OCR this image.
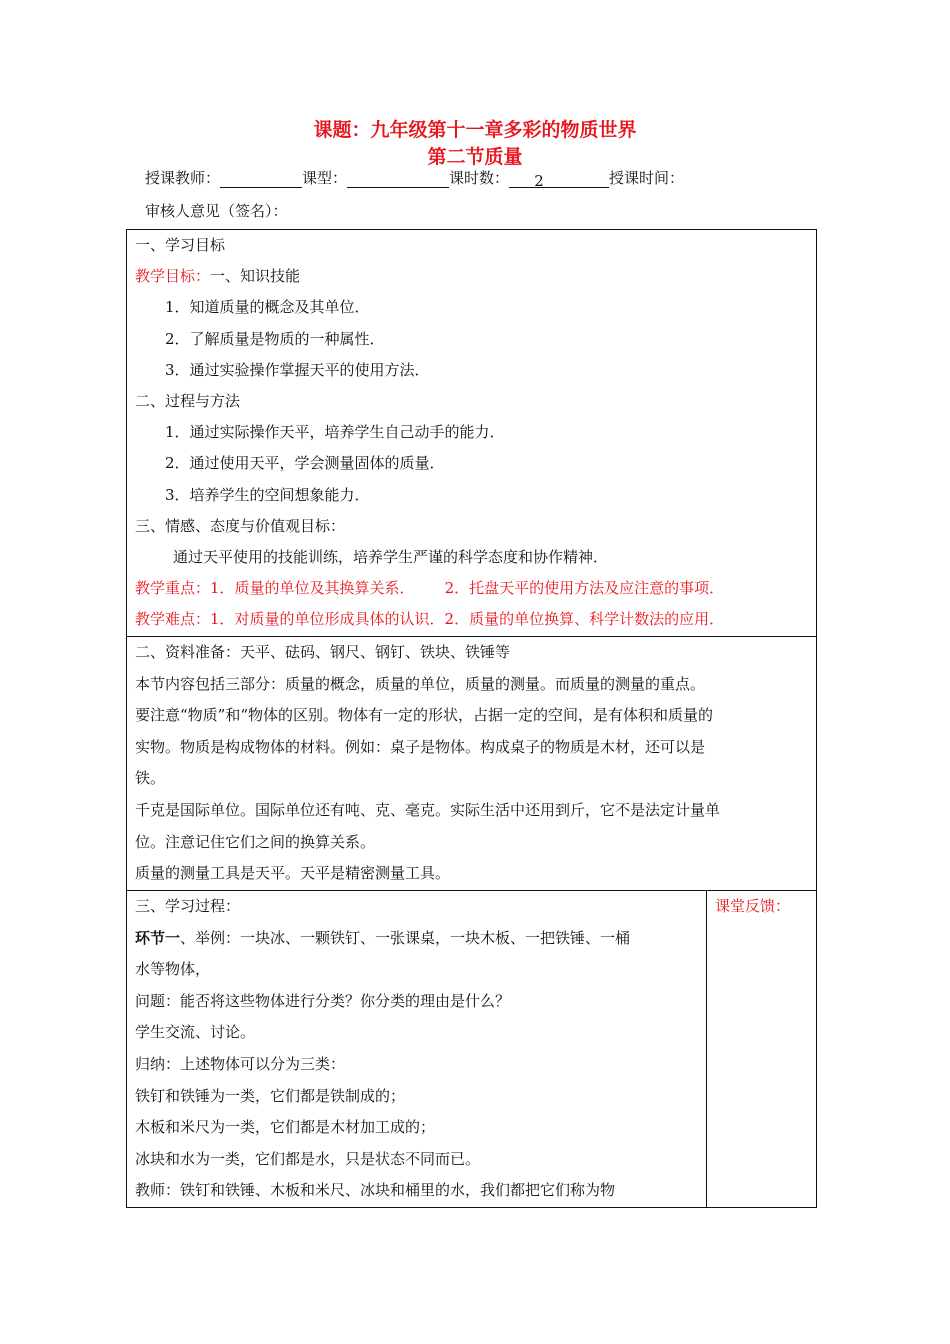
课题：九年级第十一章多彩的物质世界
第二节质量
授课教师：	课型：	课时数： 2	授课时间：
审核人意见（签名）：
一、学习目标
教学目标：一、知识技能
1．知道质量的概念及其单位．
2．了解质量是物质的一种属性．
3．通过实验操作掌握天平的使用方法．
二、过程与方法
1．通过实际操作天平，培养学生自己动手的能力．
2．通过使用天平，学会测量固体的质量．
3．培养学生的空间想象能力．
三、情感、态度与价值观目标：
通过天平使用的技能训练，培养学生严谨的科学态度和协作精神．
教学重点：1．质量的单位及其换算关系． 2．托盘天平的使用方法及应注意的事项．
教学难点：1．对质量的单位形成具体的认识．2．质量的单位换算、科学计数法的应用．

二、资料准备：天平、砝码、钢尺、钢钉、铁块、铁锤等
本节内容包括三部分：质量的概念，质量的单位，质量的测量。而质量的测量的重点。
要注意“物质”和“物体的区别。物体有一定的形状，占据一定的空间，是有体积和质量的
实物。物质是构成物体的材料。例如：桌子是物体。构成桌子的物质是木材，还可以是
铁。
千克是国际单位。国际单位还有吨、克、毫克。实际生活中还用到斤，它不是法定计量单
位。注意记住它们之间的换算关系。
质量的测量工具是天平。天平是精密测量工具。

三、学习过程：
环节一、举例：一块冰、一颗铁钉、一张课桌，一块木板、一把铁锤、一桶
水等物体，
问题：能否将这些物体进行分类？你分类的理由是什么？
学生交流、讨论。
归纳：上述物体可以分为三类：
铁钉和铁锤为一类，它们都是铁制成的；
木板和米尺为一类，它们都是木材加工成的；
冰块和水为一类，它们都是水，只是状态不同而已。
教师：铁钉和铁锤、木板和米尺、冰块和桶里的水，我们都把它们称为物

课堂反馈：
